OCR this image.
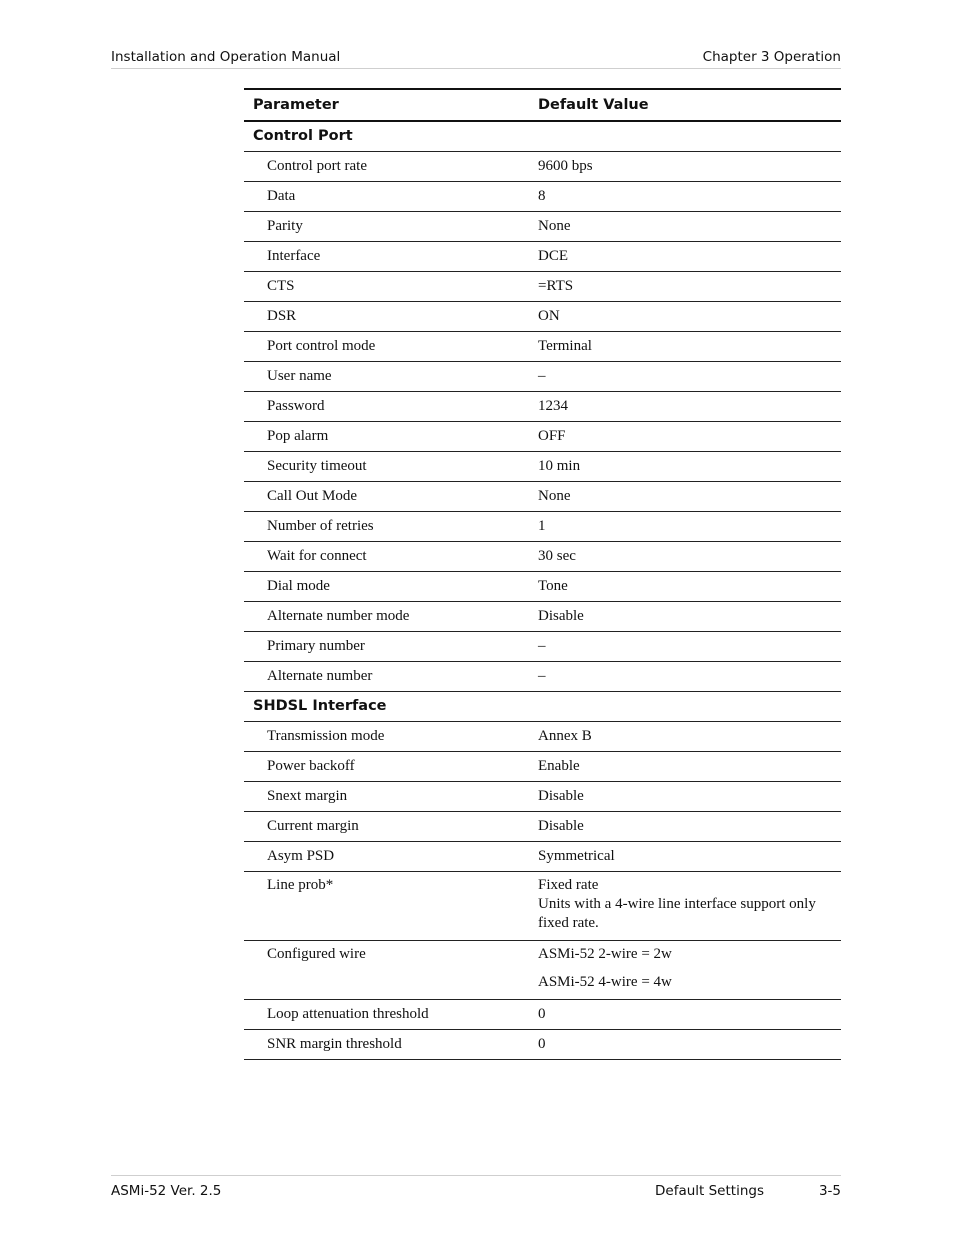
Installation and Operation Manual	Chapter 3 Operation
Parameter	Default Value
Control Port	
Control port rate	9600 bps
Data	8
Parity	None
Interface	DCE
CTS	=RTS
DSR	ON
Port control mode	Terminal
User name	–
Password	1234
Pop alarm	OFF
Security timeout	10 min
Call Out Mode	None
Number of retries	1
Wait for connect	30 sec
Dial mode	Tone
Alternate number mode	Disable
Primary number	–
Alternate number	–
SHDSL Interface	
Transmission mode	Annex B
Power backoff	Enable
Snext margin	Disable
Current margin	Disable
Asym PSD	Symmetrical
Line prob*	Fixed rate
Units with a 4-wire line interface support only fixed rate.

Configured wire	ASMi-52 2-wire = 2w
ASMi-52 4-wire = 4w

Loop attenuation threshold	0
SNR margin threshold	0
ASMi-52 Ver. 2.5	Default Settings	3-5
